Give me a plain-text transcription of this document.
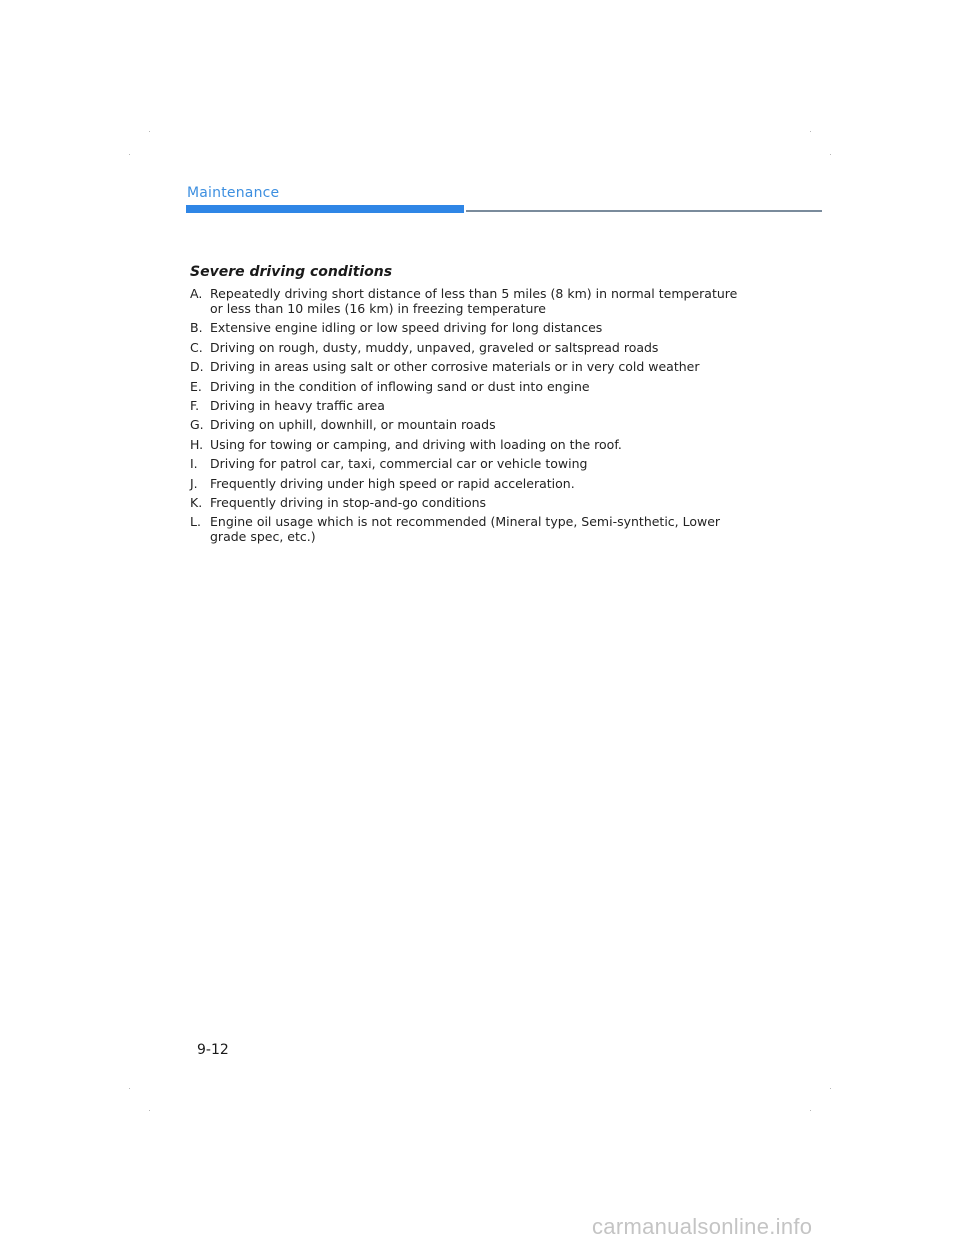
Maintenance
Severe driving conditions
A. Repeatedly driving short distance of less than 5 miles (8 km) in normal temperature or less than 10 miles (16 km) in freezing temperature
B. Extensive engine idling or low speed driving for long distances
C. Driving on rough, dusty, muddy, unpaved, graveled or saltspread roads
D. Driving in areas using salt or other corrosive materials or in very cold weather
E. Driving in the condition of inflowing sand or dust into engine
F. Driving in heavy traffic area
G. Driving on uphill, downhill, or mountain roads
H. Using for towing or camping, and driving with loading on the roof.
I. Driving for patrol car, taxi, commercial car or vehicle towing
J. Frequently driving under high speed or rapid acceleration.
K. Frequently driving in stop-and-go conditions
L. Engine oil usage which is not recommended (Mineral type, Semi-synthetic, Lower grade spec, etc.)
9-12
carmanualsonline.info
